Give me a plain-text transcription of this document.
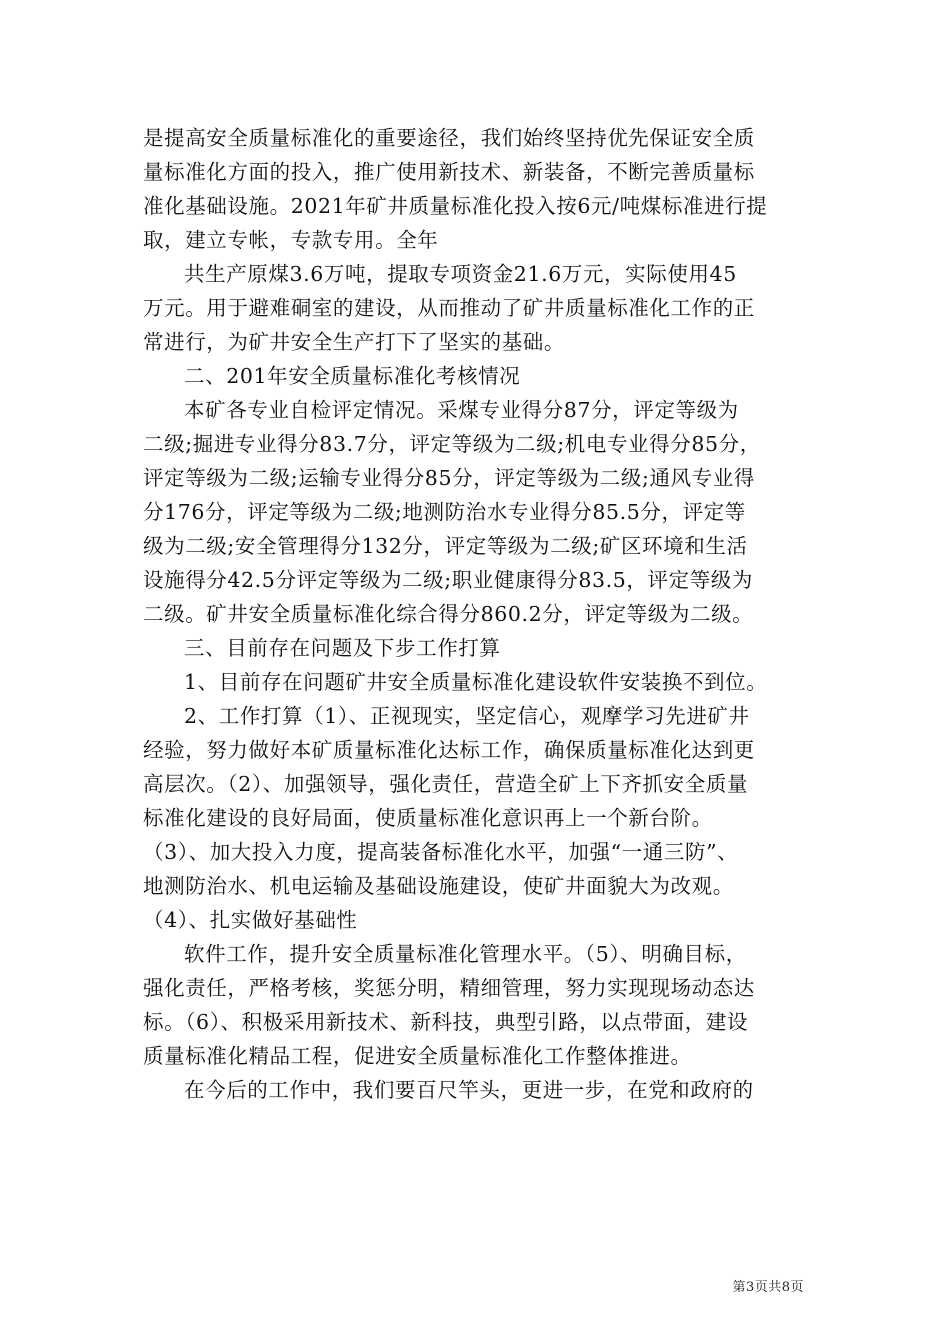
是提高安全质量标准化的重要途径，我们始终坚持优先保证安全质
量标准化方面的投入，推广使用新技术、新装备，不断完善质量标
准化基础设施。2021年矿井质量标准化投入按6元/吨煤标准进行提
取，建立专帐，专款专用。全年
共生产原煤3.6万吨，提取专项资金21.6万元，实际使用45
万元。用于避难硐室的建设，从而推动了矿井质量标准化工作的正
常进行，为矿井安全生产打下了坚实的基础。
二、201年安全质量标准化考核情况
本矿各专业自检评定情况。采煤专业得分87分，评定等级为
二级;掘进专业得分83.7分，评定等级为二级;机电专业得分85分，
评定等级为二级;运输专业得分85分，评定等级为二级;通风专业得
分176分，评定等级为二级;地测防治水专业得分85.5分，评定等
级为二级;安全管理得分132分，评定等级为二级;矿区环境和生活
设施得分42.5分评定等级为二级;职业健康得分83.5，评定等级为
二级。矿井安全质量标准化综合得分860.2分，评定等级为二级。
三、目前存在问题及下步工作打算
1、目前存在问题矿井安全质量标准化建设软件安装换不到位。
2、工作打算（1）、正视现实，坚定信心，观摩学习先进矿井
经验，努力做好本矿质量标准化达标工作，确保质量标准化达到更
高层次。（2）、加强领导，强化责任，营造全矿上下齐抓安全质量
标准化建设的良好局面，使质量标准化意识再上一个新台阶。
（3）、加大投入力度，提高装备标准化水平，加强“一通三防”、
地测防治水、机电运输及基础设施建设，使矿井面貌大为改观。
（4）、扎实做好基础性
软件工作，提升安全质量标准化管理水平。（5）、明确目标，
强化责任，严格考核，奖惩分明，精细管理，努力实现现场动态达
标。（6）、积极采用新技术、新科技，典型引路，以点带面，建设
质量标准化精品工程，促进安全质量标准化工作整体推进。
在今后的工作中，我们要百尺竿头，更进一步，在党和政府的
第3页共8页
